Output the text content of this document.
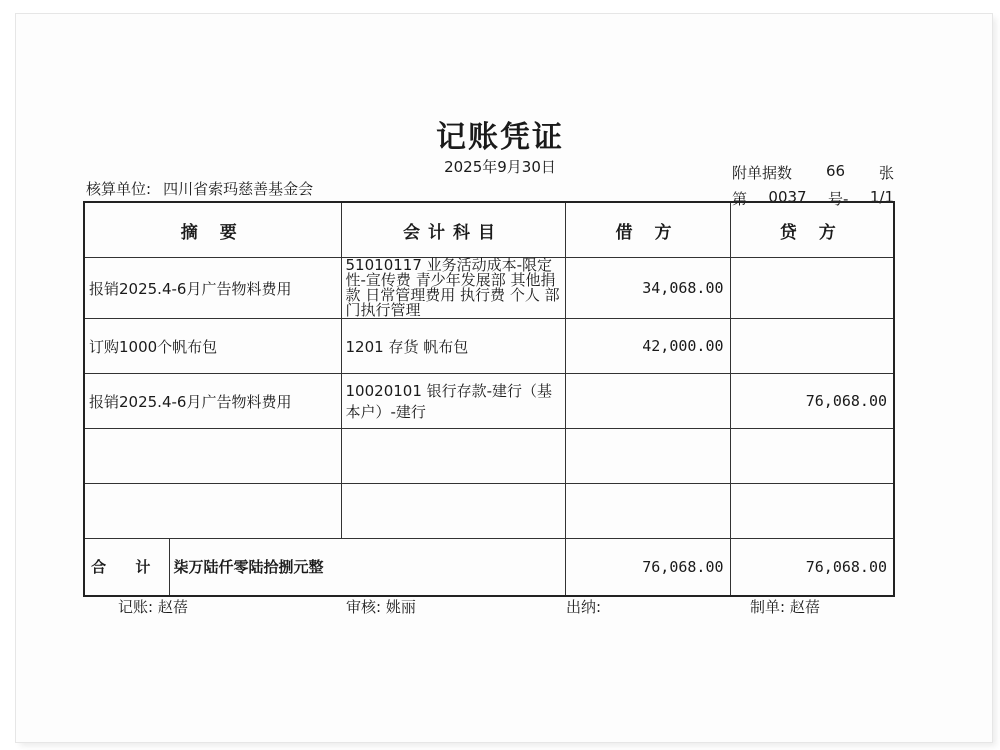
记账凭证
2025年9月30日
核算单位: 四川省索玛慈善基金会
附单据数 66 张
第 0037 号- 1/1
摘 要		会计科目	借 方	贷 方
报销2025.4-6月广告物料费用		51010117 业务活动成本-限定性-宣传费 青少年发展部 其他捐款 日常管理费用 执行费 个人 部门执行管理	34,068.00	
订购1000个帆布包		1201 存货 帆布包	42,000.00	
报销2025.4-6月广告物料费用		10020101 银行存款-建行（基本户）-建行		76,068.00

合 计	柒万陆仟零陆拾捌元整		76,068.00	76,068.00
记账: 赵蓓	审核: 姚丽	出纳:	制单: 赵蓓
